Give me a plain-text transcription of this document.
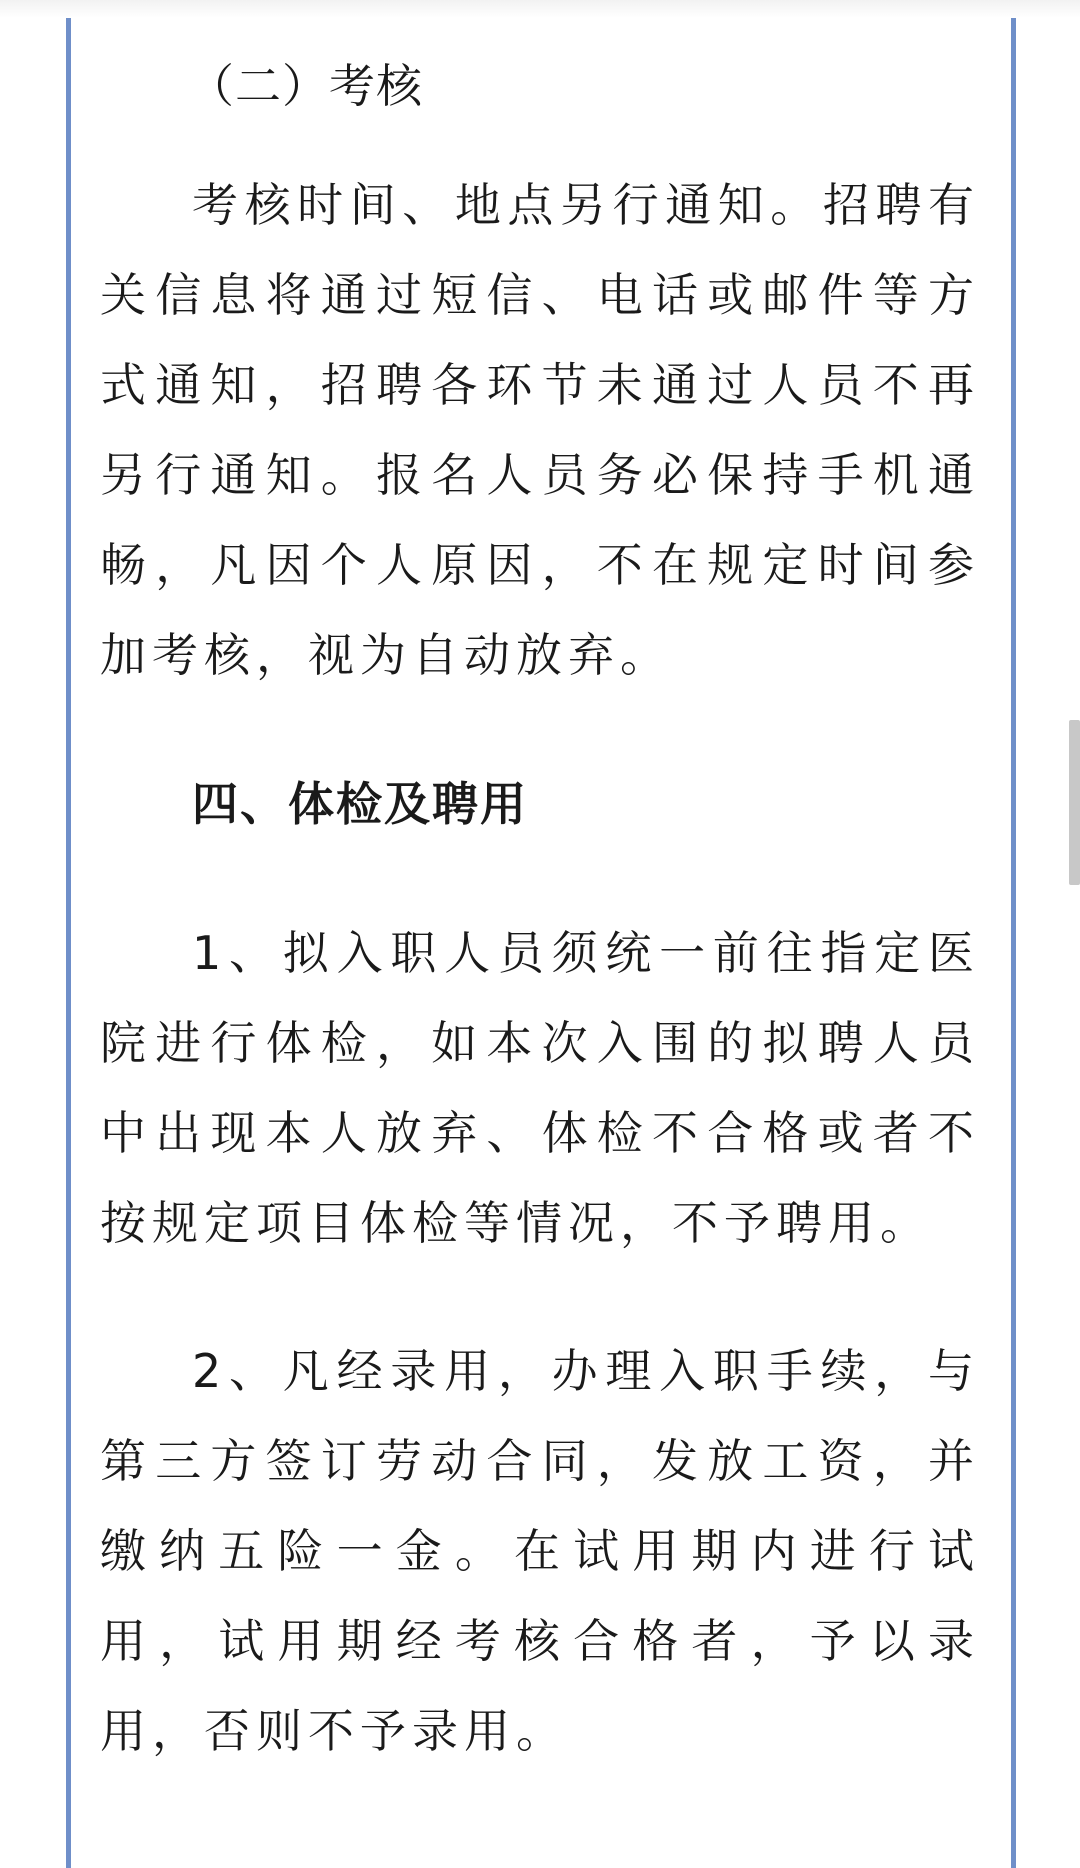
（二）考核

考核时间、地点另行通知。招聘有关信息将通过短信、电话或邮件等方式通知，招聘各环节未通过人员不再另行通知。报名人员务必保持手机通畅，凡因个人原因，不在规定时间参加考核，视为自动放弃。

四、体检及聘用

1、拟入职人员须统一前往指定医院进行体检，如本次入围的拟聘人员中出现本人放弃、体检不合格或者不按规定项目体检等情况，不予聘用。

2、凡经录用，办理入职手续，与第三方签订劳动合同，发放工资，并缴纳五险一金。在试用期内进行试用，试用期经考核合格者，予以录用，否则不予录用。
